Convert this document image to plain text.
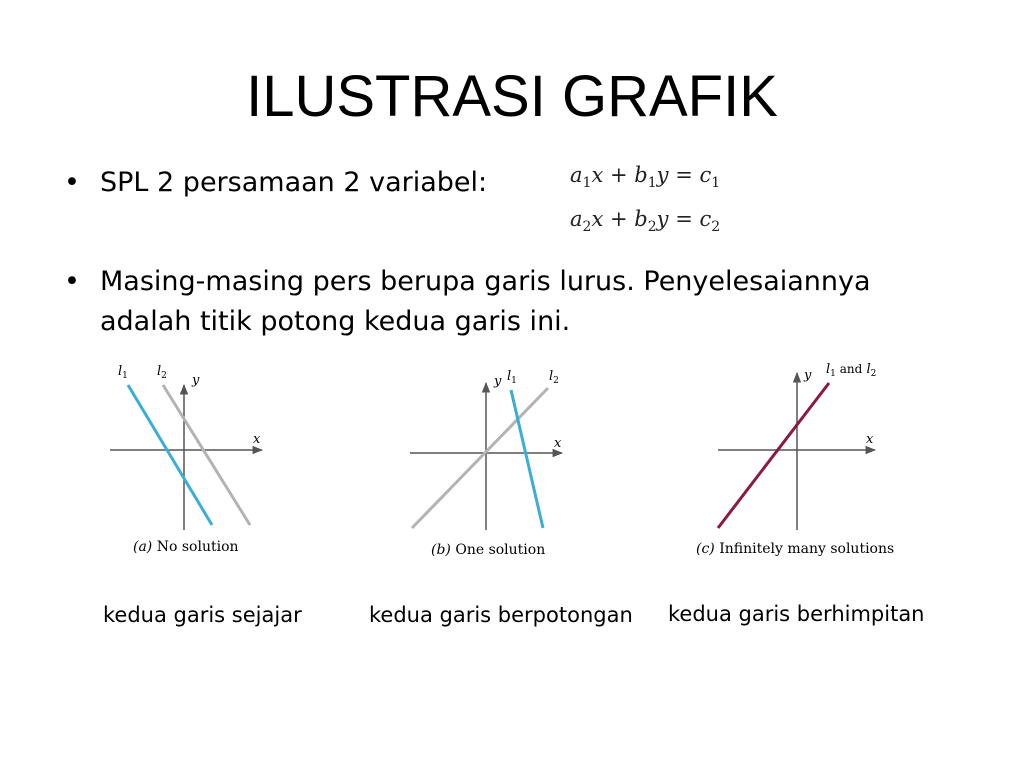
ILUSTRASI GRAFIK
• SPL 2 persamaan 2 variabel:	$a_1x + b_1y = c_1$
$a_2x + b_2y = c_2$
• Masing-masing pers berupa garis lurus. Penyelesaiannya adalah titik potong kedua garis ini.
x
y
$l_1$ $l_2$
(a) No solution
x
y $l_1$ $l_2$
(b) One solution
x
y $l_1$ and $l_2$
(c) Infinitely many solutions
kedua garis sejajar	kedua garis berpotongan kedua garis berhimpitan
